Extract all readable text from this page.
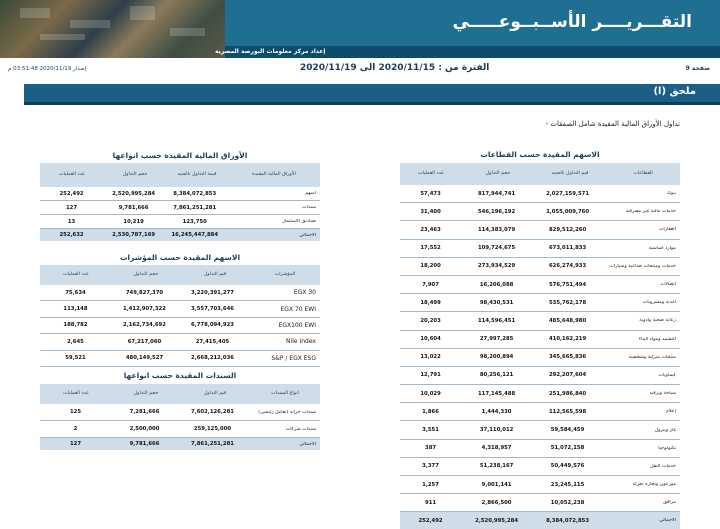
التقـــريــــر الأســبــوعـــــي
إعداد مركز معلومات البورصة المصرية
إصدار 2020/11/19 03:51:48 م	الفترة من : 2020/11/15 الى 2020/11/19	صفحة 9
ملحق (ا)
- تداول الأوراق المالية المقيدة شامل الصفقات
الاسهم المقيدة حسب القطاعات
عدد العمليات	حجم التداول	قيم التداول بالجنيه	القطاعات
57,473	817,944,741	2,027,159,571	بنوك
31,400	546,196,192	1,055,009,760	خدمات مالية غير مصرفية
23,463	114,383,079	829,512,260	العقارات
17,552	109,724,675	673,011,833	موارد أساسية
18,200	273,934,529	626,274,933	خدمات ومنتجات صناعية وسيارات
7,907	16,206,088	576,751,494	اتصالات
18,499	98,430,531	535,762,178	أغذية ومشروبات
20,203	114,596,451	485,648,980	رعاية صحية وأدوية
10,604	27,997,285	410,162,219	التشييد ومواد البناء
13,022	98,200,894	345,665,836	منتجات منزلية وشخصية
12,791	80,256,121	292,207,604	كيماويات
10,029	117,145,488	251,986,840	سياحة وترفيه
1,866	1,444,330	112,565,598	إعلام
3,551	37,110,012	59,584,459	غاز وبترول
387	4,318,957	51,072,158	تكنولوجيا
3,377	51,238,167	50,449,576	خدمات النقل
1,257	9,001,141	23,245,115	موزعون وتجارة تجزئة
911	2,866,500	10,052,238	مرافق
252,492	2,520,995,284	8,384,072,853	الاجمالي
الأوراق المالية المقيدة حسب انواعها
عدد العمليات	حجم التداول	قيمة التداول بالجنيه	الأوراق المالية المقيدة
252,492	2,520,995,284	8,384,072,853	أسهم
127	9,781,666	7,861,251,281	سندات
13	10,219	123,750	صناديق الاستثمار
252,632	2,530,787,169	16,245,447,884	الاجمالي
الاسهم المقيدة حسب المؤشرات
عدد العمليات	حجم التداول	قيم التداول	المؤشرات
75,634	749,827,370	3,220,391,277	EGX 30
113,148	1,412,907,322	3,557,703,646	EGX 70 EWI
188,782	2,162,734,692	6,778,094,923	EGX100 EWI
2,645	67,217,060	27,415,405	Nile Index
59,521	480,149,527	2,668,212,036	S&P / EGX ESG
السندات المقيدة حسب انواعها
عدد العمليات	حجم التداول	قيم التداول	انواع السندات
125	7,281,666	7,602,126,281	سندات خزانة (تعامل رئيسى)
2	2,500,000	259,125,000	سندات شركات
127	9,781,666	7,861,251,281	الاجمالي
